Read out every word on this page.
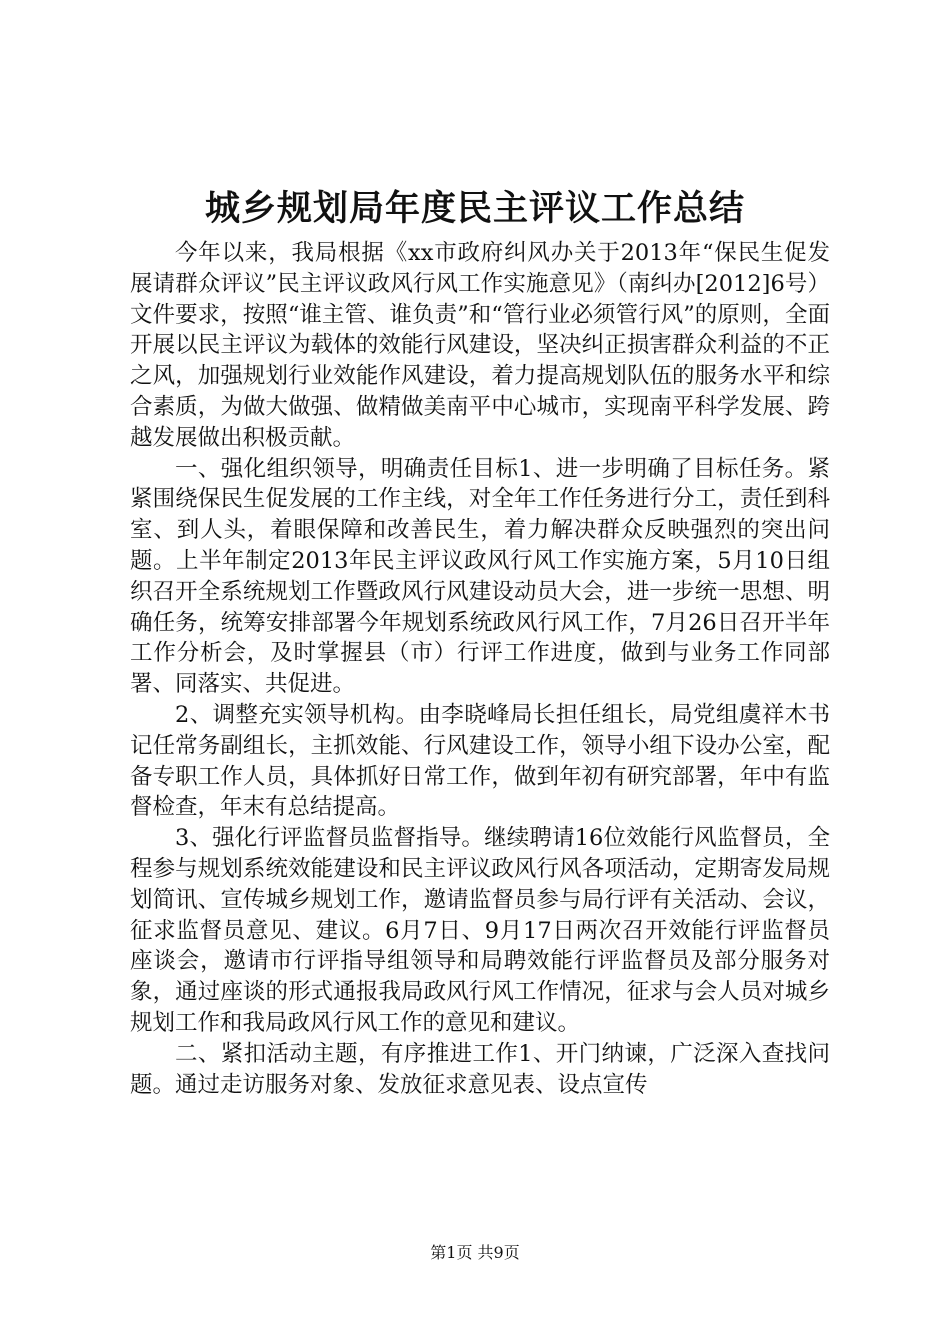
城乡规划局年度民主评议工作总结

今年以来，我局根据《xx市政府纠风办关于2013年“保民生促发展请群众评议”民主评议政风行风工作实施意见》（南纠办[2012]6号）文件要求，按照“谁主管、谁负责”和“管行业必须管行风”的原则，全面开展以民主评议为载体的效能行风建设，坚决纠正损害群众利益的不正之风，加强规划行业效能作风建设，着力提高规划队伍的服务水平和综合素质，为做大做强、做精做美南平中心城市，实现南平科学发展、跨越发展做出积极贡献。

一、强化组织领导，明确责任目标1、进一步明确了目标任务。紧紧围绕保民生促发展的工作主线，对全年工作任务进行分工，责任到科室、到人头，着眼保障和改善民生，着力解决群众反映强烈的突出问题。上半年制定2013年民主评议政风行风工作实施方案，5月10日组织召开全系统规划工作暨政风行风建设动员大会，进一步统一思想、明确任务，统筹安排部署今年规划系统政风行风工作，7月26日召开半年工作分析会，及时掌握县（市）行评工作进度，做到与业务工作同部署、同落实、共促进。

2、调整充实领导机构。由李晓峰局长担任组长，局党组虞祥木书记任常务副组长，主抓效能、行风建设工作，领导小组下设办公室，配备专职工作人员，具体抓好日常工作，做到年初有研究部署，年中有监督检查，年末有总结提高。

3、强化行评监督员监督指导。继续聘请16位效能行风监督员，全程参与规划系统效能建设和民主评议政风行风各项活动，定期寄发局规划简讯、宣传城乡规划工作，邀请监督员参与局行评有关活动、会议，征求监督员意见、建议。6月7日、9月17日两次召开效能行评监督员座谈会，邀请市行评指导组领导和局聘效能行评监督员及部分服务对象，通过座谈的形式通报我局政风行风工作情况，征求与会人员对城乡规划工作和我局政风行风工作的意见和建议。

二、紧扣活动主题，有序推进工作1、开门纳谏，广泛深入查找问题。通过走访服务对象、发放征求意见表、设点宣传

第1页 共9页
